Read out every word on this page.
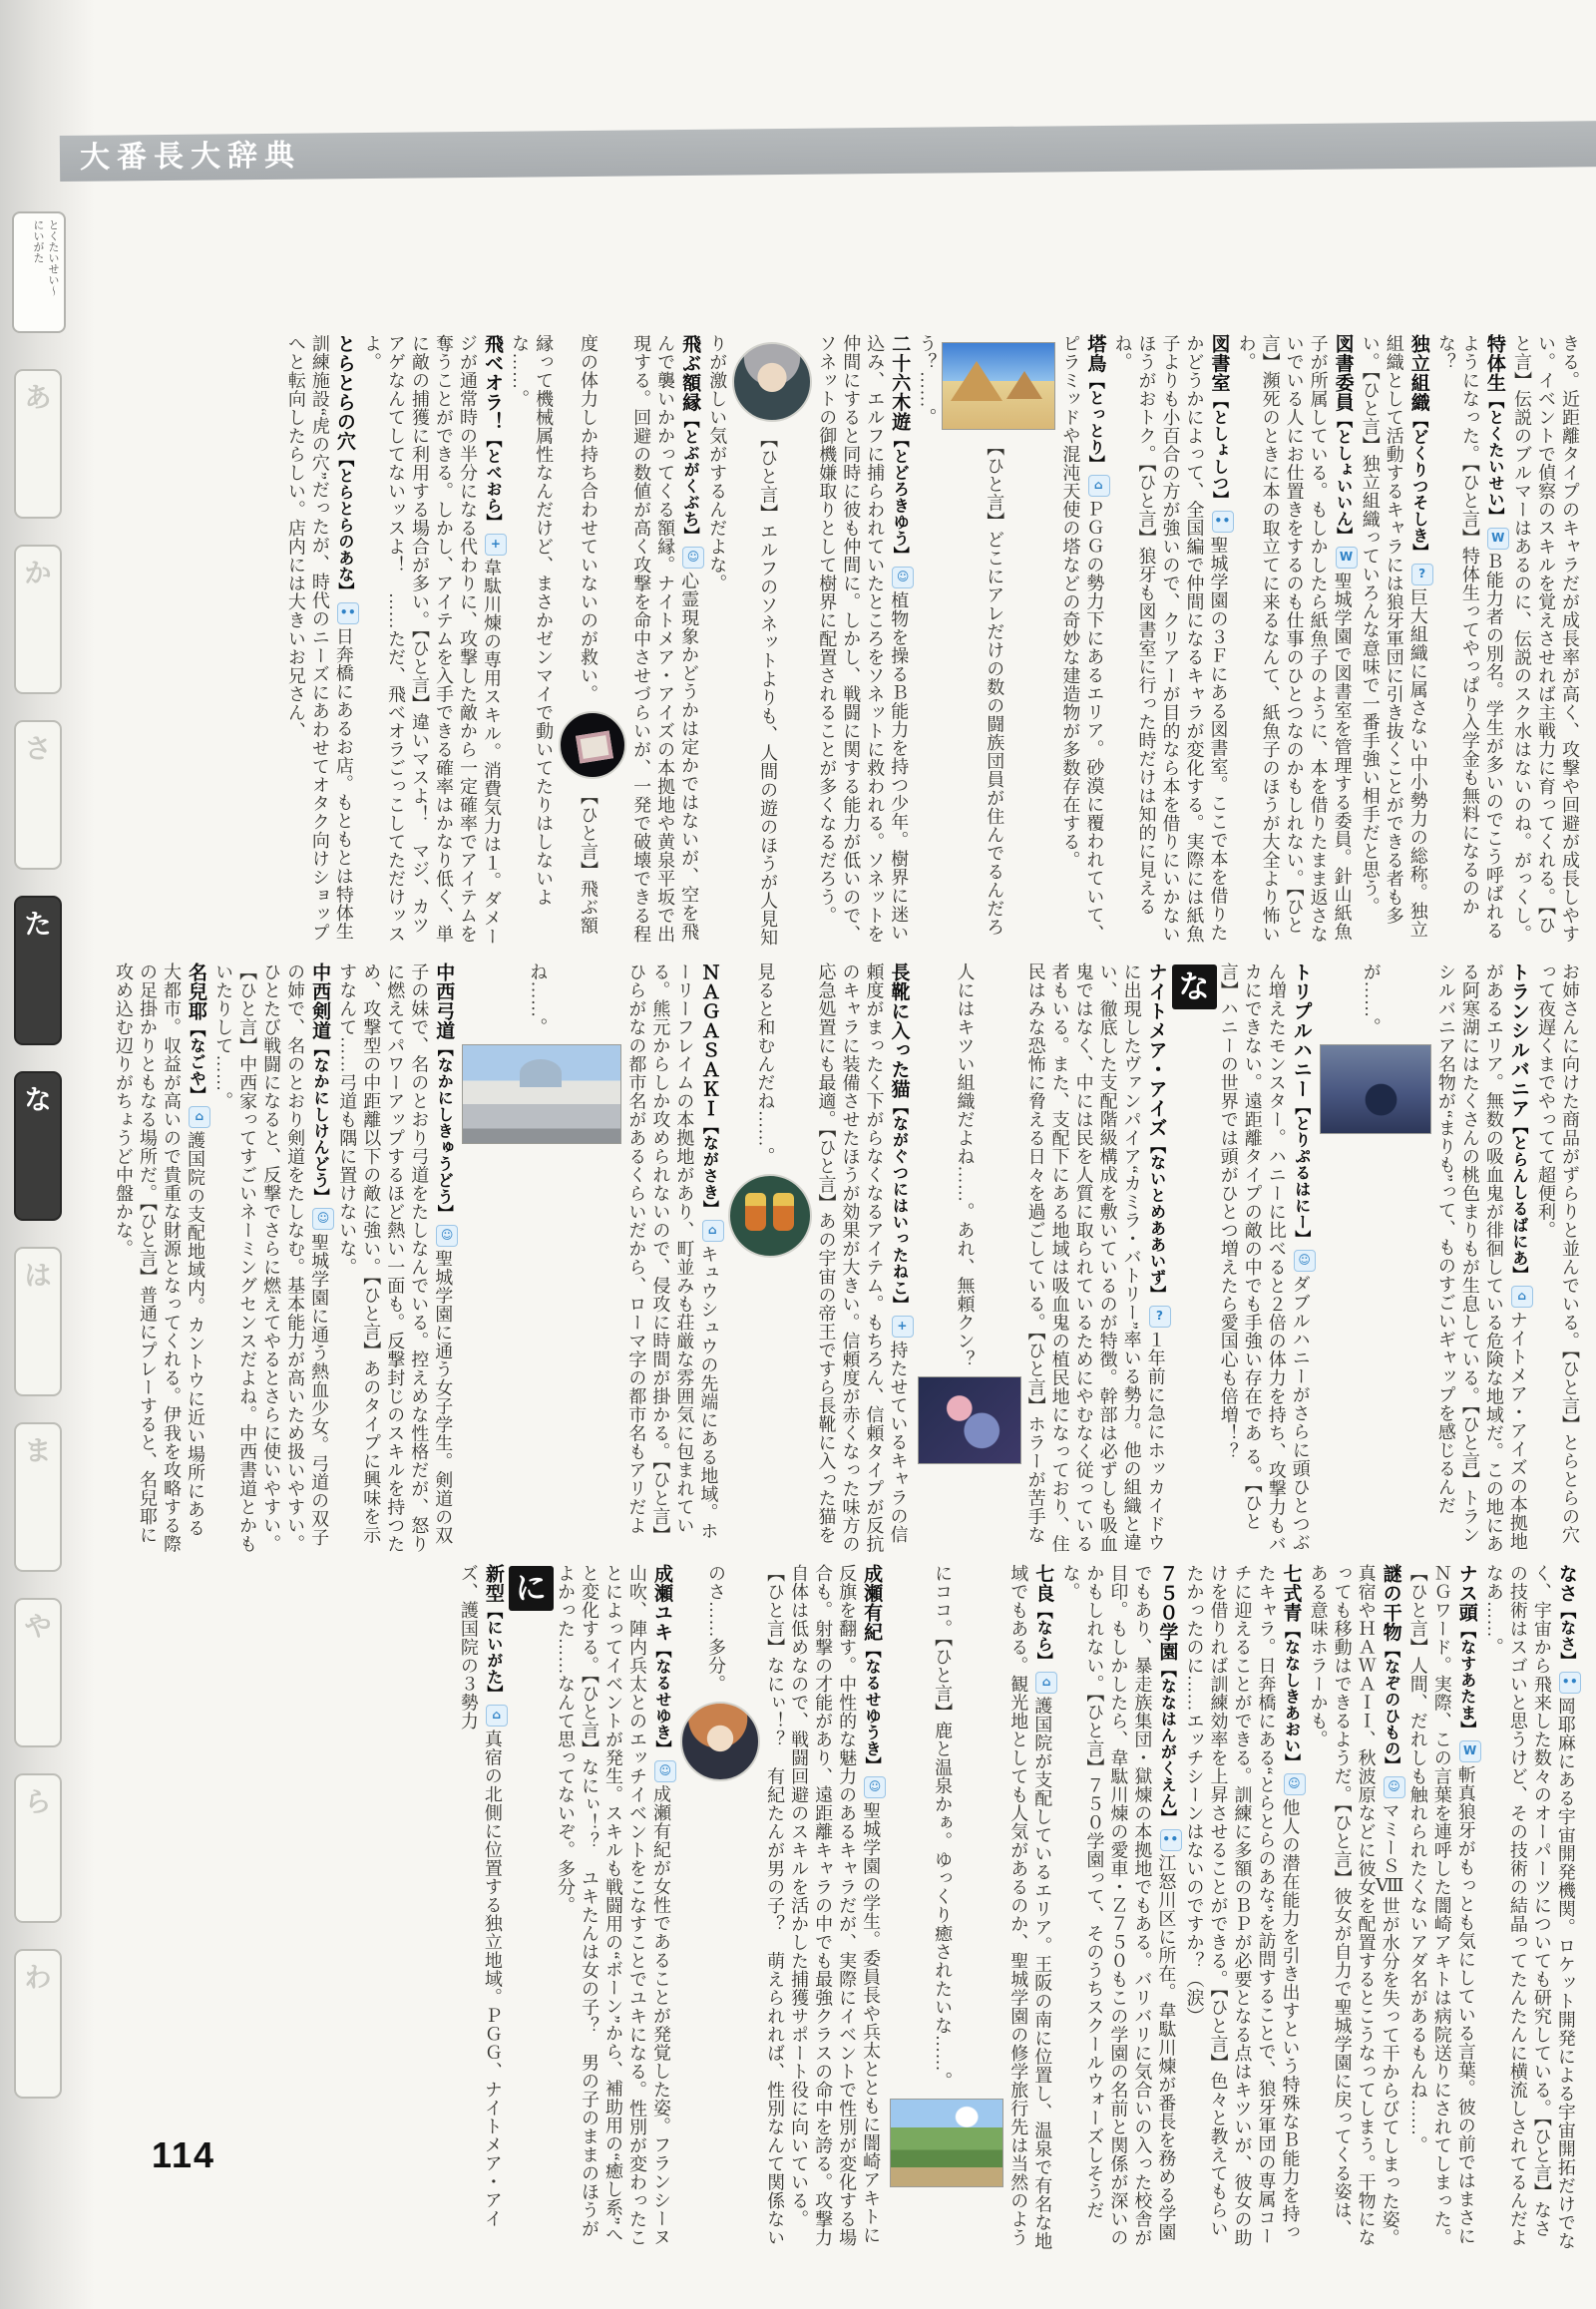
大番長大辞典
とくたいせい～
にいがた
あ
か
さ
た
な
は
ま
や
ら
わ
きる。近距離タイプのキャラだが成長率が高く、攻撃や回避が成長しやすい。イベントで偵察のスキルを覚えさせれば主戦力に育ってくれる。【ひと言】伝説のブルマーはあるのに、伝説のスク水はないのね。がっくし。
特体生【とくたいせい】WＢ能力者の別名。学生が多いのでこう呼ばれるようになった。【ひと言】特体生ってやっぱり入学金も無料になるのかな？
独立組織【どくりつそしき】?巨大組織に属さない中小勢力の総称。独立組織として活動するキャラには狼牙軍団に引き抜くことができる者も多い。【ひと言】独立組織っていろんな意味で一番手強い相手だと思う。
図書委員【としょいいん】W聖城学園で図書室を管理する委員。針山紙魚子が所属している。もしかしたら紙魚子のように、本を借りたまま返さないでいる人にお仕置きをするのも仕事のひとつなのかもしれない。【ひと言】瀕死のときに本の取立てに来るなんて、紙魚子のほうが大全より怖いわ。
図書室【としょしつ】••聖城学園の３Ｆにある図書室。ここで本を借りたかどうかによって、全国編で仲間になるキャラが変化する。実際には紙魚子よりも小百合の方が強いので、クリアーが目的なら本を借りにいかないほうがおトク。【ひと言】狼牙も図書室に行った時だけは知的に見えるね。
塔鳥【とっとり】⌂ＰＧＧの勢力下にあるエリア。砂漠に覆われていて、ピラミッドや混沌天使の塔などの奇妙な建造物が多数存在する。【ひと言】どこにアレだけの数の闘族団員が住んでるんだろう？……。
二十六木遊【とどろきゆう】☺植物を操るＢ能力を持つ少年。樹界に迷い込み、エルフに捕らわれていたところをソネットに救われる。ソネットを仲間にすると同時に彼も仲間に。しかし、戦闘に関する能力が低いので、ソネットの御機嫌取りとして樹界に配置されることが多くなるだろう。【ひと言】エルフのソネットよりも、人間の遊のほうが人見知りが激しい気がするんだよな。
飛ぶ額縁【とぶがくぶち】☺心霊現象かどうかは定かではないが、空を飛んで襲いかかってくる額縁。ナイトメア・アイズの本拠地や黄泉平坂で出現する。回避の数値が高く攻撃を命中させづらいが、一発で破壊できる程度の体力しか持ち合わせていないのが救い。【ひと言】飛ぶ額縁って機械属性なんだけど、まさかゼンマイで動いてたりはしないよな……。
飛べオラ！【とべおら】+韋駄川煉の専用スキル。消費気力は１。ダメージが通常時の半分になる代わりに、攻撃した敵から一定確率でアイテムを奪うことができる。しかし、アイテムを入手できる確率はかなり低く、単に敵の捕獲に利用する場合が多い。【ひと言】違いマスよ！　マジ、カツアゲなんてしてないッスよ！　……ただ、飛べオラごっこしてただけッスよ。
とらとらの穴【とらとらのあな】••日奔橋にあるお店。もともとは特体生訓練施設“虎の穴”だったが、時代のニーズにあわせてオタク向けショップへと転向したらしい。店内には大きいお兄さん、
お姉さんに向けた商品がずらりと並んでいる。【ひと言】とらとらの穴って夜遅くまでやってて超便利。
トランシルバニア【とらんしるばにあ】⌂ナイトメア・アイズの本拠地があるエリア。無数の吸血鬼が徘徊している危険な地域だ。この地にある阿寒湖にはたくさんの桃色まりもが生息している。【ひと言】トランシルバニア名物が“まりも”って、ものすごいギャップを感じるんだが……。
トリプルハニー【とりぷるはにー】☺ダブルハニーがさらに頭ひとつぶん増えたモンスター。ハニーに比べると２倍の体力を持ち、攻撃力もバカにできない。遠距離タイプの敵の中でも手強い存在であ る。【ひと言】ハニーの世界では頭がひとつ増えたら愛国心も倍増！？
な
ナイトメア・アイズ【ないとめああいず】?１年前に急にホッカイドウに出現したヴァンパイア“カミラ・バトリー”率いる勢力。他の組織と違い、徹底した支配階級構成を敷いているのが特徴。幹部は必ずしも吸血鬼ではなく、中には民を人質に取られているためにやむなく従っている者もいる。また、支配下にある地域は吸血鬼の植民地になっており、住民はみな恐怖に脅える日々を過ごしている。【ひと言】ホラーが苦手な人にはキツい組織だよね……。あれ、無頼クン？
長靴に入った猫【ながぐつにはいったねこ】+持たせているキャラの信頼度がまったく下がらなくなるアイテム。もちろん、信頼タイプが反抗のキャラに装備させたほうが効果が大きい。信頼度が赤くなった味方の応急処置にも最適。【ひと言】あの宇宙の帝王ですら長靴に入った猫を見ると和むんだね……。
ＮＡＧＡＳＡＫＩ【ながさき】⌂キュウシュウの先端にある地域。ホーリーフレイムの本拠地があり、町並みも荘厳な雰囲気に包まれている。熊元からしか攻められないので、侵攻に時間が掛かる。【ひと言】ひらがなの都市名があるくらいだから、ローマ字の都市名もアリだよね……。
中西弓道【なかにしきゅうどう】☺聖城学園に通う女子学生。剣道の双子の妹で、名のとおり弓道をたしなんでいる。控えめな性格だが、怒りに燃えてパワーアップするほど熱い一面も。反撃封じのスキルを持つため、攻撃型の中距離以下の敵に強い。【ひと言】あのタイプに興味を示すなんて……弓道も隅に置けないな。
中西剣道【なかにしけんどう】☺聖城学園に通う熱血少女。弓道の双子の姉で、名のとおり剣道をたしなむ。基本能力が高いため扱いやすい。ひとたび戦闘になると、反撃でさらに燃えてやるとさらに使いやすい。【ひと言】中西家ってすごいネーミングセンスだよね。中西書道とかもいたりして……。
名兒耶【なごや】⌂護国院の支配地域内。カントウに近い場所にある大都市。収益が高いので貴重な財源となってくれる。伊我を攻略する際の足掛かりともなる場所だ。【ひと言】普通にプレーすると、名兒耶に攻め込む辺りがちょうど中盤かな。
なさ【なさ】••岡耶麻にある宇宙開発機関。ロケット開発による宇宙開拓だけでなく、宇宙から飛来した数々のオーパーツについても研究している。【ひと言】なさの技術はスゴいと思うけど、その技術の結晶ってたんたんに横流しされてるんだよなあ……。
ナス頭【なすあたま】W斬真狼牙がもっとも気にしている言葉。彼の前ではまさにＮＧワード。実際、この言葉を連呼した闇崎アキトは病院送りにされてしまった。【ひと言】人間、だれしも触れられたくないアダ名があるもんね……。
謎の干物【なぞのひもの】☺マミーＳⅧ世が水分を失って干からびてしまった姿。真宿やＨＡＷＡＩＩ、秋波原などに彼女を配置するとこうなってしまう。干物になっても移動はできるようだ。【ひと言】彼女が自力で聖城学園に戻ってくる姿は、ある意味ホラーかも。
七式青【ななしきあおい】☺他人の潜在能力を引き出すという特殊なＢ能力を持ったキャラ。日奔橋にある“とらとらのあな”を訪問することで、狼牙軍団の専属コーチに迎えることができる。訓練に多額のＢＰが必要となる点はキツいが、彼女の助けを借りれば訓練効率を上昇させることができる。【ひと言】色々と教えてもらいたかったのに……エッチシーンはないのですか？（涙）
７５０学園【ななはんがくえん】••江怒川区に所在。韋駄川煉が番長を務める学園でもあり、暴走族集団・獄煉の本拠地でもある。バリバリに気合いの入った校舎が目印。もしかしたら、韋駄川煉の愛車・Ｚ７５０もこの学園の名前と関係が深いのかもしれない。【ひと言】７５０学園って、そのうちスクールウォーズしそうだな。
七良【なら】⌂護国院が支配しているエリア。王阪の南に位置し、温泉で有名な地域でもある。観光地としても人気があるのか、聖城学園の修学旅行先は当然のようにココ。【ひと言】鹿と温泉かぁ。ゆっくり癒されたいな……。
成瀬有紀【なるせゆうき】☺聖城学園の学生。委員長や兵太とともに闇崎アキトに反旗を翻す。中性的な魅力のあるキャラだが、実際にイベントで性別が変化する場合も。射撃の才能があり、遠距離キャラの中でも最強クラスの命中を誇る。攻撃力自体は低めなので、戦闘回避のスキルを活かした捕獲サポート役に向いている。【ひと言】なにぃ！？　有紀たんが男の子？　萌えられれば、性別なんて関係ないのさ……多分。
成瀬ユキ【なるせゆき】☺成瀬有紀が女性であることが発覚した姿。フランシーヌ山吹、陣内兵太とのエッチイベントをこなすことでユキになる。性別が変わったことによってイベントが発生。スキルも戦闘用の“ボーン”から、補助用の“癒し系”へと変化する。【ひと言】なにぃ！？　ユキたんは女の子？　男の子のままのほうがよかった……なんて思ってないぞ。多分。
に
新型【にいがた】⌂真宿の北側に位置する独立地域。ＰＧＧ、ナイトメア・アイズ、護国院の３勢力
114
